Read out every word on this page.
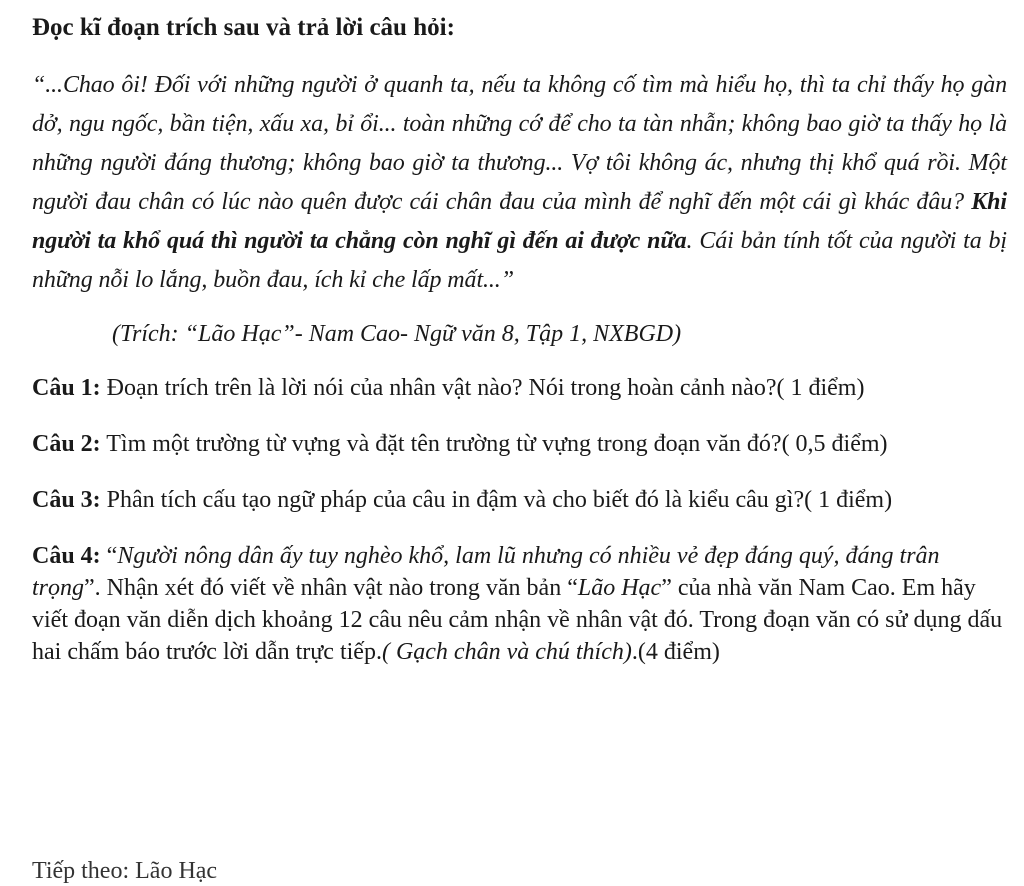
Đọc kĩ đoạn trích sau và trả lời câu hỏi:

“...Chao ôi! Đối với những người ở quanh ta, nếu ta không cố tìm mà hiểu họ, thì ta chỉ thấy họ gàn dở, ngu ngốc, bần tiện, xấu xa, bỉ ổi... toàn những cớ để cho ta tàn nhẫn; không bao giờ ta thấy họ là những người đáng thương; không bao giờ ta thương... Vợ tôi không ác, nhưng thị khổ quá rồi. Một người đau chân có lúc nào quên được cái chân đau của mình để nghĩ đến một cái gì khác đâu? Khi người ta khổ quá thì người ta chẳng còn nghĩ gì đến ai được nữa. Cái bản tính tốt của người ta bị những nỗi lo lắng, buồn đau, ích kỉ che lấp mất...”

(Trích: “Lão Hạc”- Nam Cao- Ngữ văn 8, Tập 1, NXBGD)

Câu 1: Đoạn trích trên là lời nói của nhân vật nào? Nói trong hoàn cảnh nào?( 1 điểm)

Câu 2: Tìm một trường từ vựng và đặt tên trường từ vựng trong đoạn văn đó?( 0,5 điểm)

Câu 3: Phân tích cấu tạo ngữ pháp của câu in đậm và cho biết đó là kiểu câu gì?( 1 điểm)

Câu 4: “Người nông dân ấy tuy nghèo khổ, lam lũ nhưng có nhiều vẻ đẹp đáng quý, đáng trân trọng”. Nhận xét đó viết về nhân vật nào trong văn bản “Lão Hạc” của nhà văn Nam Cao. Em hãy viết đoạn văn diễn dịch khoảng 12 câu nêu cảm nhận về nhân vật đó. Trong đoạn văn có sử dụng dấu hai chấm báo trước lời dẫn trực tiếp.( Gạch chân và chú thích).(4 điểm)

Tiếp theo: Lão Hạc
